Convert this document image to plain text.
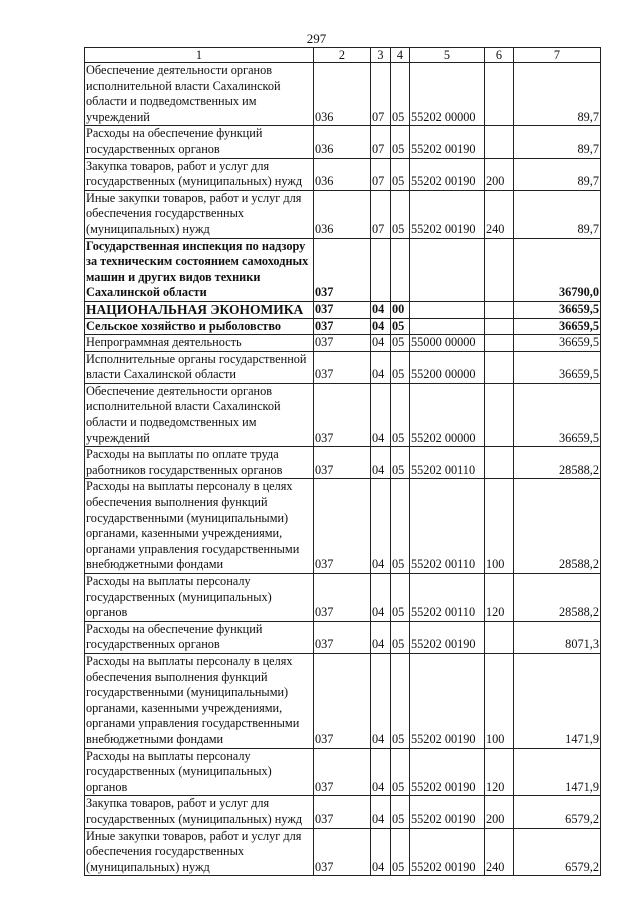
297
1	2	3	4	5	6	7
Обеспечение деятельности органов исполнительной власти Сахалинской области и подведомственных им учреждений	036	07	05	55202 00000		89,7
Расходы на обеспечение функций государственных органов	036	07	05	55202 00190		89,7
Закупка товаров, работ и услуг для государственных (муниципальных) нужд	036	07	05	55202 00190	200	89,7
Иные закупки товаров, работ и услуг для обеспечения государственных (муниципальных) нужд	036	07	05	55202 00190	240	89,7
Государственная инспекция по надзору за техническим состоянием самоходных машин и других видов техники Сахалинской области	037					36790,0
НАЦИОНАЛЬНАЯ ЭКОНОМИКА	037	04	00			36659,5
Сельское хозяйство и рыболовство	037	04	05			36659,5
Непрограммная деятельность	037	04	05	55000 00000		36659,5
Исполнительные органы государственной власти Сахалинской области	037	04	05	55200 00000		36659,5
Обеспечение деятельности органов исполнительной власти Сахалинской области и подведомственных им учреждений	037	04	05	55202 00000		36659,5
Расходы на выплаты по оплате труда работников государственных органов	037	04	05	55202 00110		28588,2
Расходы на выплаты персоналу в целях обеспечения выполнения функций государственными (муниципальными) органами, казенными учреждениями, органами управления государственными внебюджетными фондами	037	04	05	55202 00110	100	28588,2
Расходы на выплаты персоналу государственных (муниципальных) органов	037	04	05	55202 00110	120	28588,2
Расходы на обеспечение функций государственных органов	037	04	05	55202 00190		8071,3
Расходы на выплаты персоналу в целях обеспечения выполнения функций государственными (муниципальными) органами, казенными учреждениями, органами управления государственными внебюджетными фондами	037	04	05	55202 00190	100	1471,9
Расходы на выплаты персоналу государственных (муниципальных) органов	037	04	05	55202 00190	120	1471,9
Закупка товаров, работ и услуг для государственных (муниципальных) нужд	037	04	05	55202 00190	200	6579,2
Иные закупки товаров, работ и услуг для обеспечения государственных (муниципальных) нужд	037	04	05	55202 00190	240	6579,2
